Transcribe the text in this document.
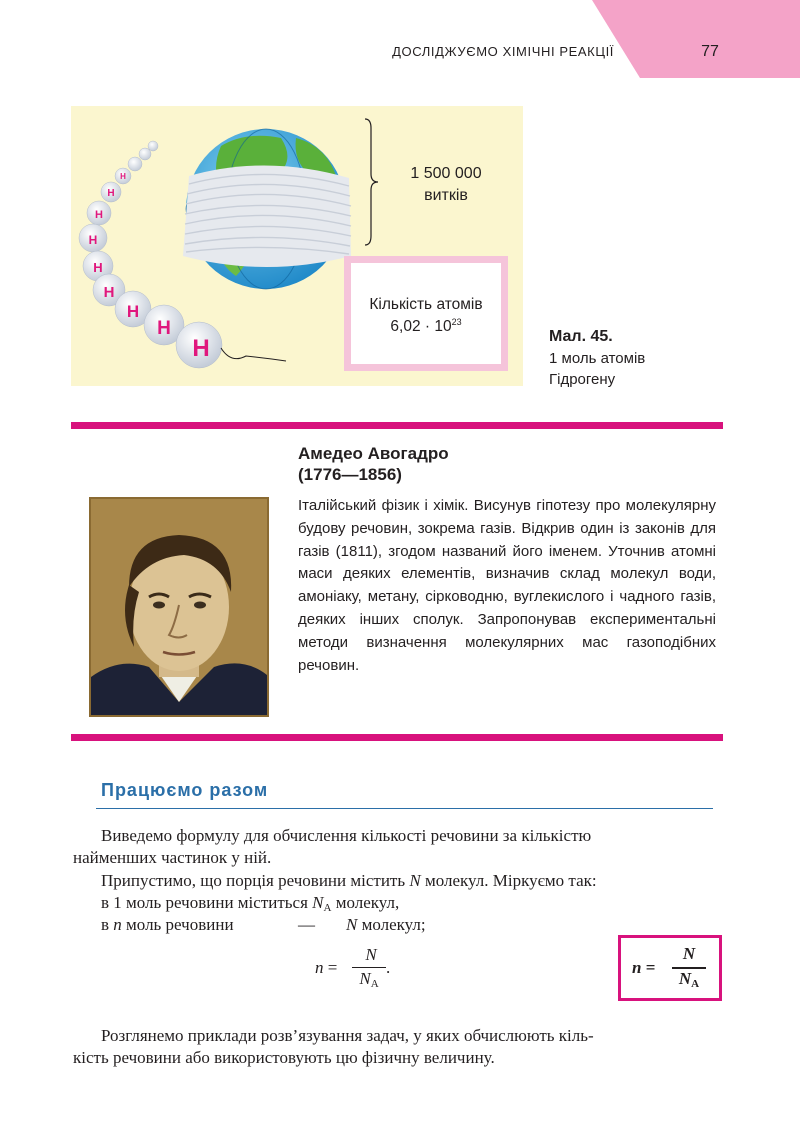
ДОСЛІДЖУЄМО ХІМІЧНІ РЕАКЦІЇ	77
H
H
H
H
H
H
H
H
H
1 500 000
витків
Кількість атомів
$6,02 \cdot 10^{23}$
Мал. 45.
1 моль атомів
Гідрогену
Амедео Авогадро
(1776—1856)

Італійський фізик і хімік. Висунув гіпотезу про молекулярну будову речовин, зокрема газів. Відкрив один із законів для газів (1811), згодом названий його іменем. Уточнив атомні маси деяких елементів, визначив склад молекул води, амоніаку, метану, сірководню, вуглекислого і чадного газів, деяких інших сполук. Запропонував експериментальні методи визначення молекулярних мас газоподібних речовин.

Працюємо разом
Виведемо формулу для обчислення кількості речовини за кількістю
найменших частинок у ній.
Припустимо, що порція речовини містить N молекул. Міркуємо так:
в 1 моль речовини міститься $N_A$ молекул,
в n моль речовини	— N молекул;
n =
N
$N_A$
.	n =
N
$N_A$
Розглянемо приклади розв’язування задач, у яких обчислюють кіль-
кість речовини або використовують цю фізичну величину.
